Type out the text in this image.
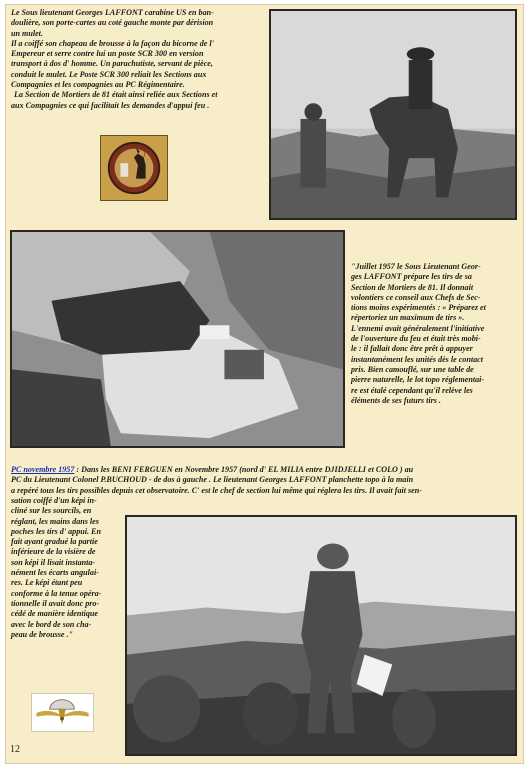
Le Sous lieutenant Georges LAFFONT carabine US en ban-

doulière, son porte-cartes au coté gauche monte par dérision

un mulet.

Il a coiffé son chapeau de brousse à la façon du bicorne de l'

Empereur et serre contre lui un poste SCR 300 en version

transport à dos d' homme. Un parachutiste, servant de pièce,

conduit le mulet. Le Poste SCR 300 reliait les Sections aux

Compagnies et les compagnies au PC Régimentaire.

La Section de Mortiers de 81 était ainsi reliée aux Sections et

aux Compagnies ce qui facilitait les demandes d'appui feu .

"Juillet 1957 le Sous Lieutenant Geor-

ges LAFFONT prépare les tirs de sa

Section de Mortiers de 81. Il donnait

volontiers ce conseil aux Chefs de Sec-

tions moins expérimentés : « Préparez et

répertoriez un maximum de tirs ».

L'ennemi avait généralement l'initiative

de l'ouverture du feu et était très mobi-

le : il fallait donc être prêt à appuyer

instantanément les unités dès le contact

pris. Bien camouflé, sur une table de

pierre naturelle, le lot topo réglementai-

re est étalé cependant qu'il relève les

éléments de ses futurs tirs .

PC novembre 1957 : Dans les BENI FERGUEN en Novembre 1957 (nord d' EL MILIA entre DJIDJELLI et COLO ) au

PC du Lieutenant Colonel P.BUCHOUD - de dos à gauche . Le lieutenant Georges LAFFONT planchette topo à la main

a repéré tous les tirs possibles depuis cet observatoire. C' est le chef de section lui même qui réglera les tirs. Il avait fait sen-

sation coiffé d'un képi in-

cliné sur les sourcils, en

réglant, les mains dans les

poches les tirs d' appui. En

fait ayant gradué la partie

inférieure de la visière de

son képi il lisait instanta-

nément les écarts angulai-

res. Le képi étant peu

conforme à la tenue opéra-

tionnelle il avait donc pro-

cédé de manière identique

avec le bord de son cha-

peau de brousse ."

12
